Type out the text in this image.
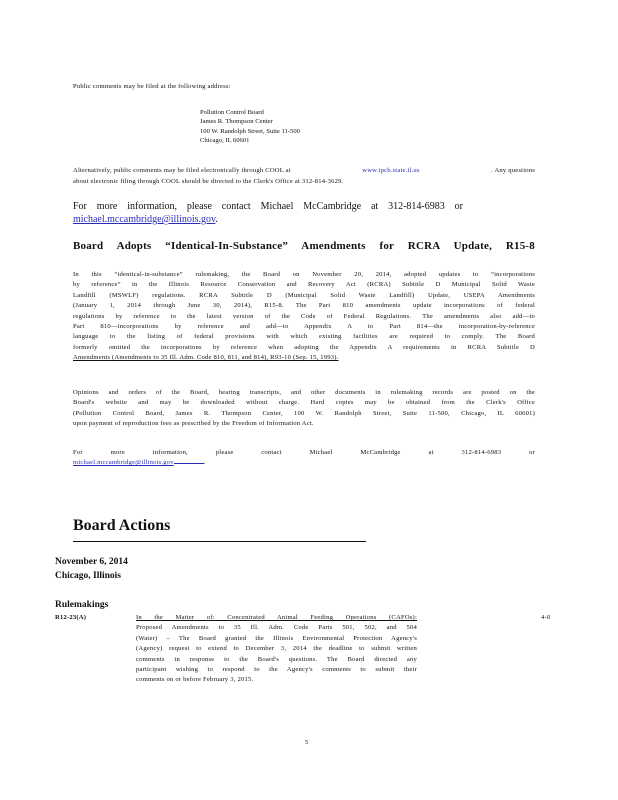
Public comments may be filed at the following address:
Pollution Control Board
James R. Thompson Center
100 W. Randolph Street, Suite 11-500
Chicago, IL 60601
Alternatively, public comments may be filed electronically through COOL at	www.ipcb.state.il.us	. Any questions
about electronic filing through COOL should be directed to the Clerk's Office at 312-814-3629.
For more information, please contact Michael McCambridge at 312-814-6983 or
michael.mccambridge@illinois.gov.
Board Adopts “Identical-In-Substance” Amendments for RCRA Update, R15-8
In this “identical-in-substance” rulemaking, the Board on November 20, 2014, adopted updates to “incorporations
by reference” in the Illinois Resource Conservation and Recovery Act (RCRA) Subtitle D Municipal Solid Waste
Landfill (MSWLF) regulations. RCRA Subtitle D (Municipal Solid Waste Landfill) Update, USEPA Amendments
(January 1, 2014 through June 30, 2014), R15-8. The Part 810 amendments update incorporations of federal
regulations by reference to the latest version of the Code of Federal Regulations. The amendments also add—to
Part 810—incorporations by reference and add—to Appendix A to Part 814—the incorporation-by-reference
language to the listing of federal provisions with which existing facilities are required to comply. The Board
formerly omitted the incorporations by reference when adopting the Appendix A requirements in RCRA Subtitle D
Amendments (Amendments to 35 Ill. Adm. Code 810, 811, and 814), R93-10 (Sep. 15, 1993).
Opinions and orders of the Board, hearing transcripts, and other documents in rulemaking records are posted on the
Board's website and may be downloaded without charge. Hard copies may be obtained from the Clerk's Office
(Pollution Control Board, James R. Thompson Center, 100 W. Randolph Street, Suite 11-500, Chicago, IL 60601)
upon payment of reproduction fees as prescribed by the Freedom of Information Act.
For more information, please contact Michael McCambridge at 312-814-6983 or
michael.mccambridge@illinois.gov	.
Board Actions
November 6, 2014
Chicago, Illinois
Rulemakings
R12-23(A)	In the Matter of: Concentrated Animal Feeding Operations (CAFOs):
Proposed Amendments to 35 Ill. Adm. Code Parts 501, 502, and 504
(Water) – The Board granted the Illinois Environmental Protection Agency's
(Agency) request to extend to December 3, 2014 the deadline to submit written
comments in response to the Board's questions. The Board directed any
participant wishing to respond to the Agency's comments to submit their
comments on or before February 3, 2015.
4-0
5
